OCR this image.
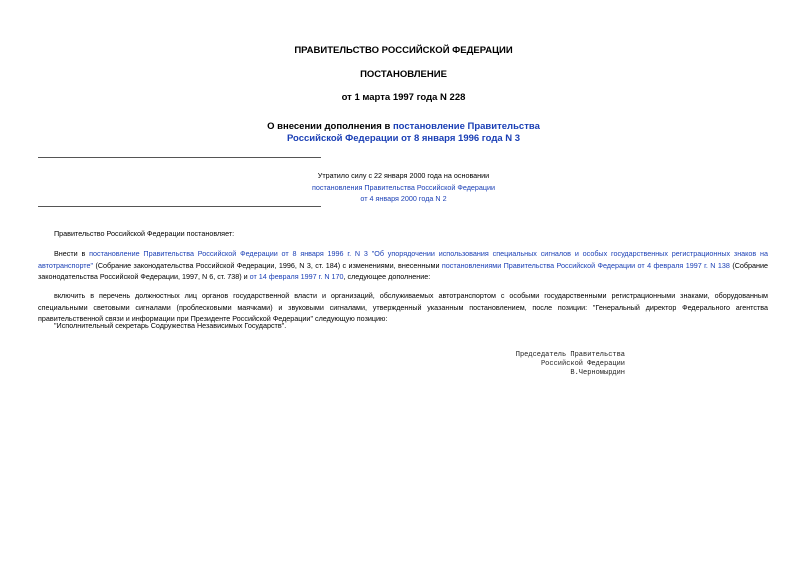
ПРАВИТЕЛЬСТВО РОССИЙСКОЙ ФЕДЕРАЦИИ
ПОСТАНОВЛЕНИЕ
от 1 марта 1997 года N 228
О внесении дополнения в постановление Правительства
Российской Федерации от 8 января 1996 года N 3
Утратило силу с 22 января 2000 года на основании
постановления Правительства Российской Федерации
от 4 января 2000 года N 2
Правительство Российской Федерации постановляет:
Внести в постановление Правительства Российской Федерации от 8 января 1996 г. N 3 "Об упорядочении использования специальных сигналов и особых государственных регистрационных знаков на автотранспорте" (Собрание законодательства Российской Федерации, 1996, N 3, ст. 184) с изменениями, внесенными постановлениями Правительства Российской Федерации от 4 февраля 1997 г. N 138 (Собрание законодательства Российской Федерации, 1997, N 6, ст. 738) и от 14 февраля 1997 г. N 170, следующее дополнение:
включить в перечень должностных лиц органов государственной власти и организаций, обслуживаемых автотранспортом с особыми государственными регистрационными знаками, оборудованным специальными световыми сигналами (проблесковыми маячками) и звуковыми сигналами, утвержденный указанным постановлением, после позиции: "Генеральный директор Федерального агентства правительственной связи и информации при Президенте Российской Федерации" следующую позицию:
"Исполнительный секретарь Содружества Независимых Государств".
Председатель Правительства
Российской Федерации
В.Черномырдин
